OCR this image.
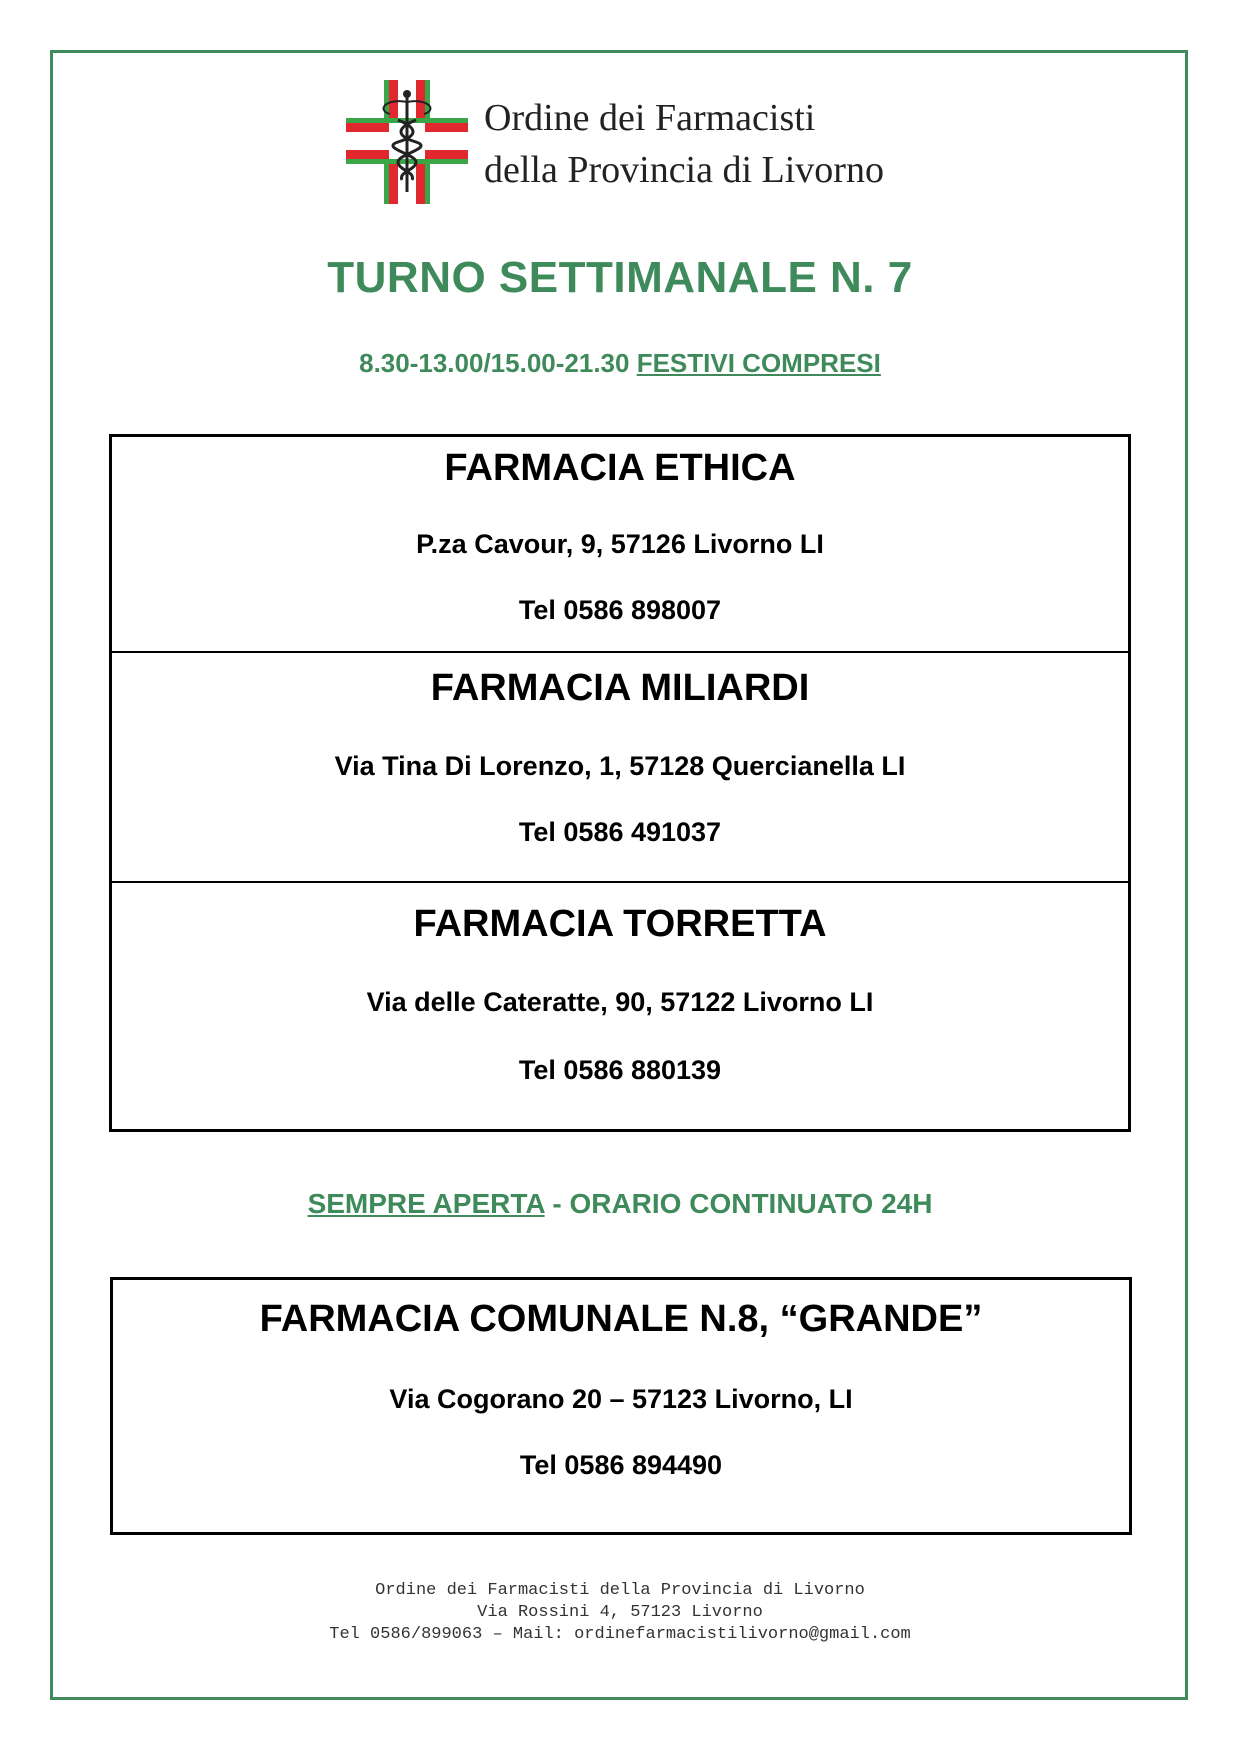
Ordine dei Farmacisti
della Provincia di Livorno
TURNO SETTIMANALE N. 7
8.30-13.00/15.00-21.30 FESTIVI COMPRESI
FARMACIA ETHICA
P.za Cavour, 9, 57126 Livorno LI
Tel 0586 898007
FARMACIA MILIARDI
Via Tina Di Lorenzo, 1, 57128 Quercianella LI
Tel 0586 491037
FARMACIA TORRETTA
Via delle Cateratte, 90, 57122 Livorno LI
Tel 0586 880139
SEMPRE APERTA - ORARIO CONTINUATO 24H
FARMACIA COMUNALE N.8, “GRANDE”
Via Cogorano 20 – 57123 Livorno, LI
Tel 0586 894490
Ordine dei Farmacisti della Provincia di Livorno
Via Rossini 4, 57123 Livorno
Tel 0586/899063 – Mail: ordinefarmacistilivorno@gmail.com
